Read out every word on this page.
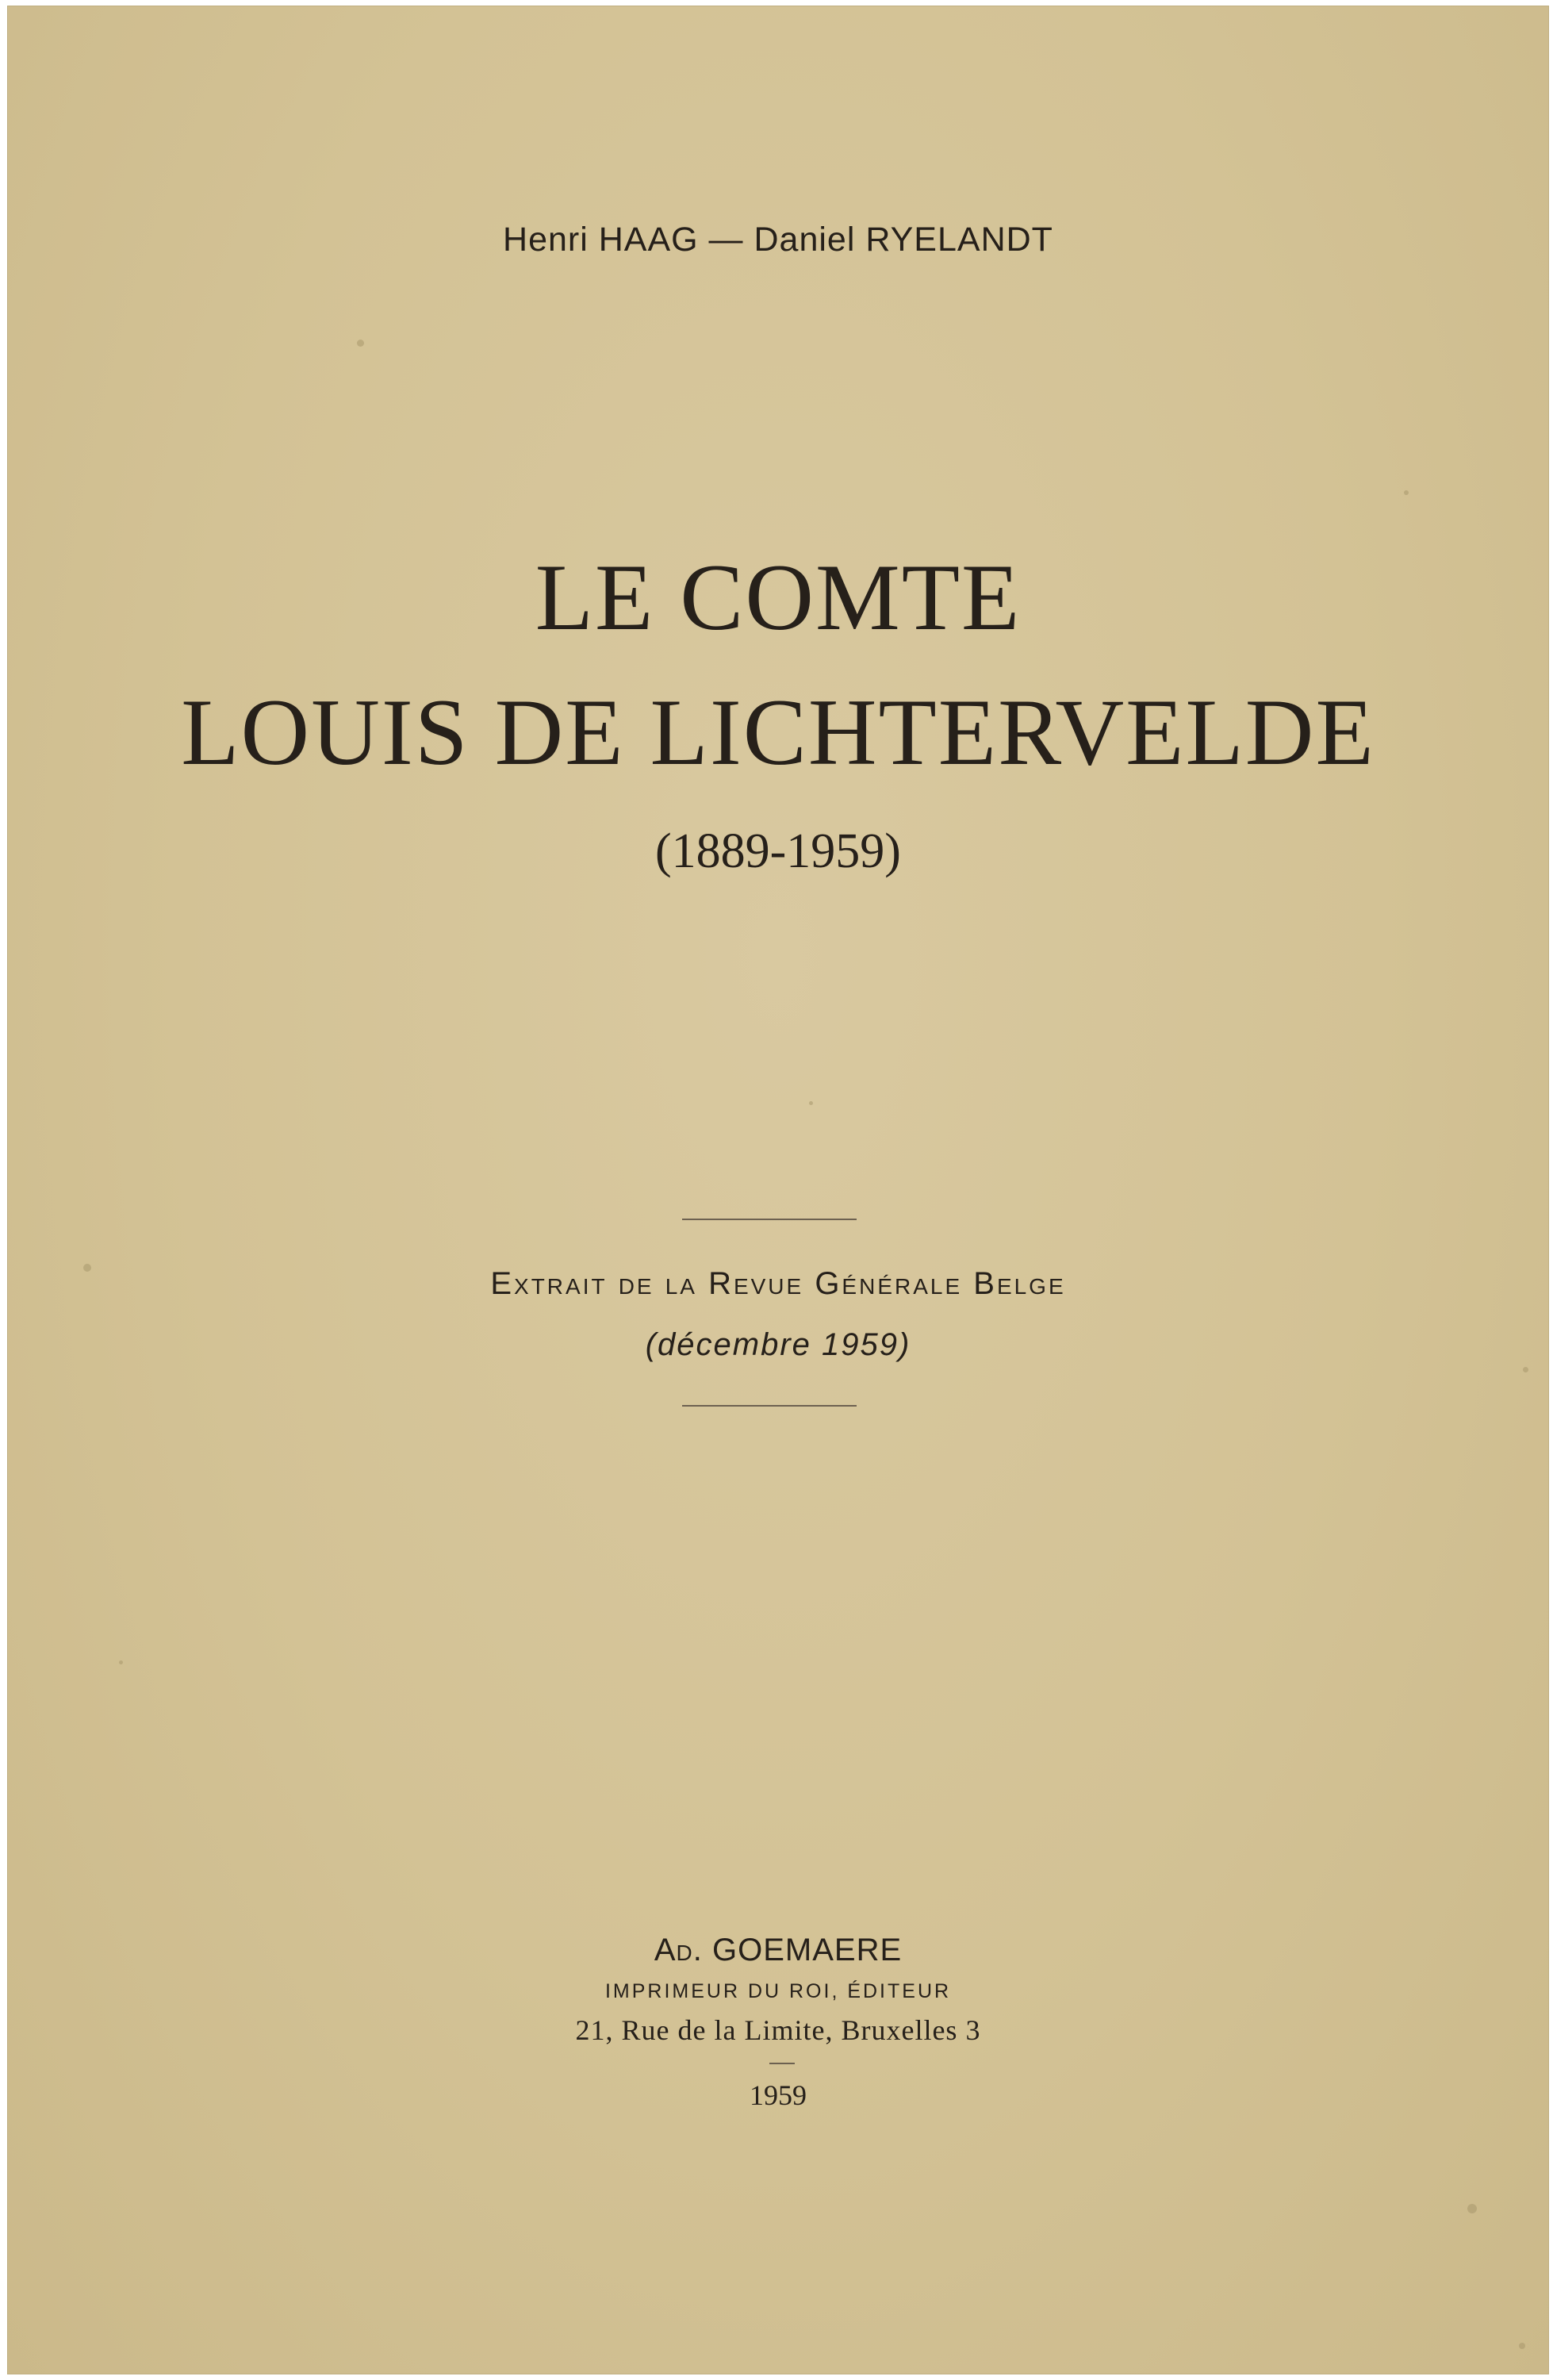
Henri HAAG — Daniel RYELANDT
LE COMTE
LOUIS DE LICHTERVELDE
(1889-1959)
Extrait de la Revue Générale Belge
(décembre 1959)
Ad. GOEMAERE
IMPRIMEUR DU ROI, ÉDITEUR
21, Rue de la Limite, Bruxelles 3
1959
